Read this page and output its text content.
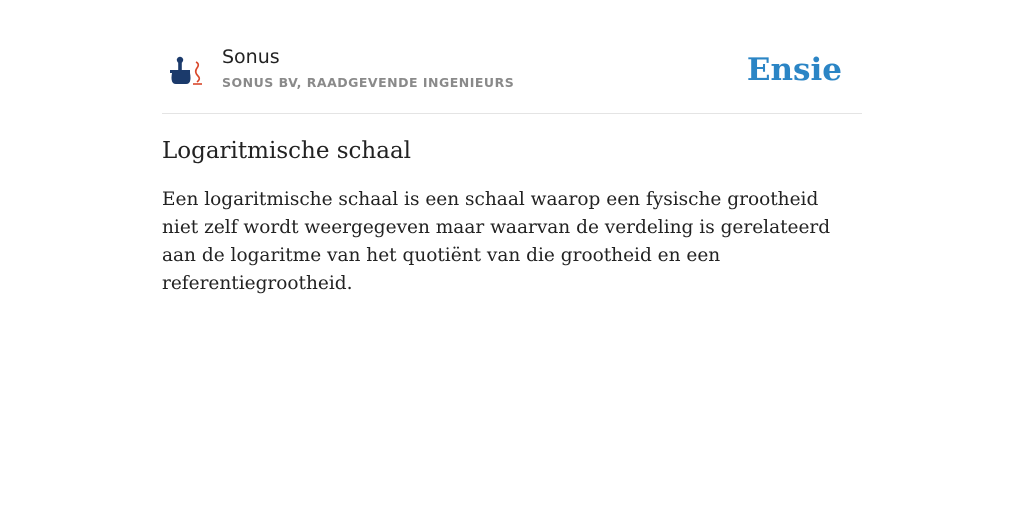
Sonus
SONUS BV, RAADGEVENDE INGENIEURS	Ensie
Logaritmische schaal

Een logaritmische schaal is een schaal waarop een fysische grootheid niet zelf wordt weergegeven maar waarvan de verdeling is gerelateerd aan de logaritme van het quotiënt van die grootheid en een referentiegrootheid.
